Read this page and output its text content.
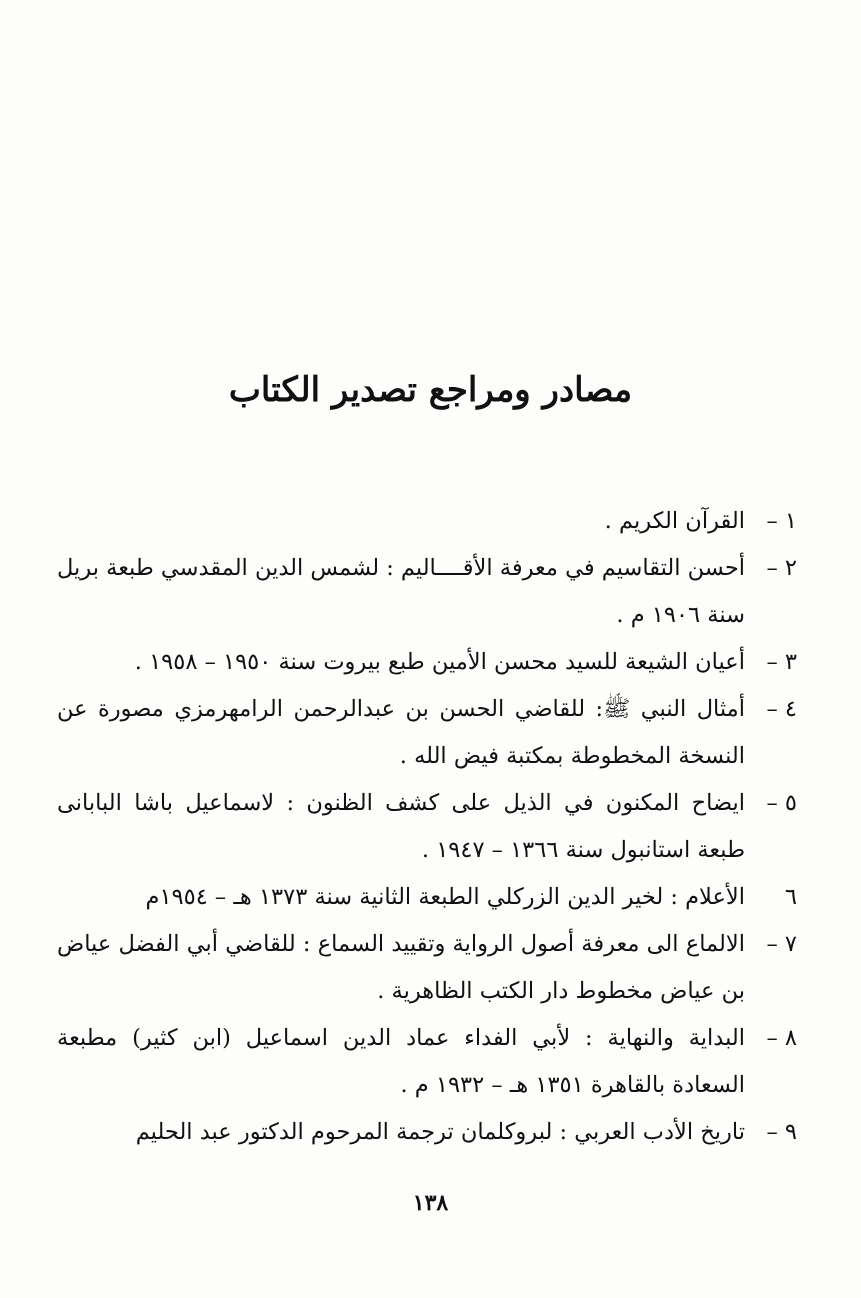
مصادر ومراجع تصدير الكتاب
١ –
القرآن الكريم .
٢ –
أحسن التقاسيم في معرفة الأقــــاليم : لشمس الدين المقدسي طبعة بريل سنة ١٩٠٦ م .
٣ –
أعيان الشيعة للسيد محسن الأمين طبع بيروت سنة ١٩٥٠ – ١٩٥٨ .
٤ –
أمثال النبي ﷺ: للقاضي الحسن بن عبدالرحمن الرامهرمزي مصورة عن النسخة المخطوطة بمكتبة فيض الله .
٥ –
ايضاح المكنون في الذيل على كشف الظنون : لاسماعيل باشا البابانى طبعة استانبول سنة ١٣٦٦ – ١٩٤٧ .
٦
الأعلام : لخير الدين الزركلي الطبعة الثانية سنة ١٣٧٣ هـ – ١٩٥٤م
٧ –
الالماع الى معرفة أصول الرواية وتقييد السماع : للقاضي أبي الفضل عياض بن عياض مخطوط دار الكتب الظاهرية .
٨ –
البداية والنهاية : لأبي الفداء عماد الدين اسماعيل (ابن كثير) مطبعة السعادة بالقاهرة ١٣٥١ هـ – ١٩٣٢ م .
٩ –
تاريخ الأدب العربي : لبروكلمان ترجمة المرحوم الدكتور عبد الحليم
١٣٨
